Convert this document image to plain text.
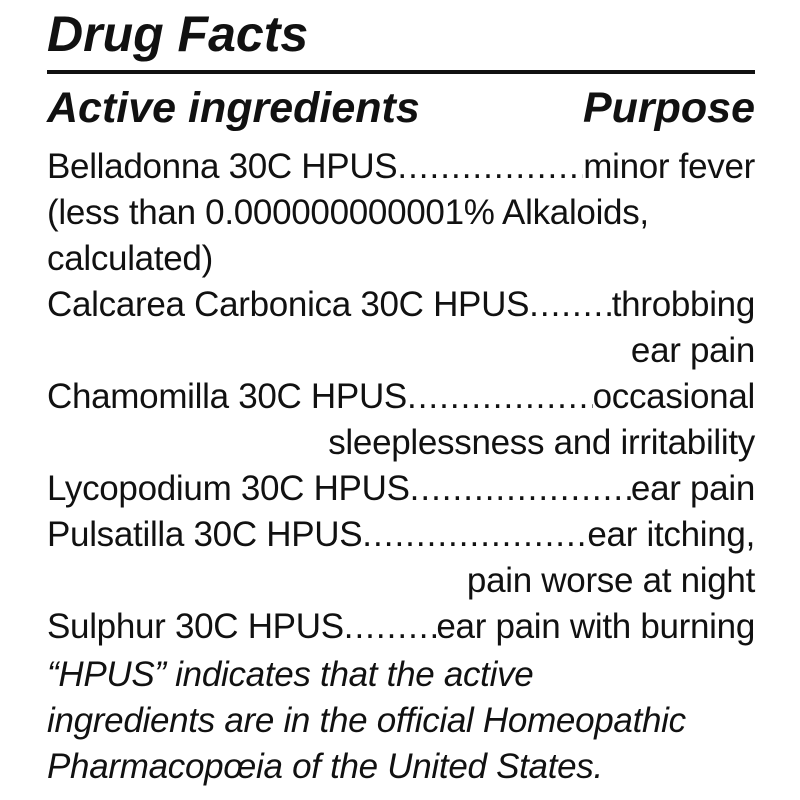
Drug Facts
Active ingredients	Purpose
Belladonna 30C HPUS .....	minor fever
(less than 0.000000000001% Alkaloids,
calculated)
Calcarea Carbonica 30C HPUS ..... throbbing
ear pain
Chamomilla 30C HPUS .....	occasional
sleeplessness and irritability
Lycopodium 30C HPUS .....	ear pain
Pulsatilla 30C HPUS .....	ear itching,
pain worse at night
Sulphur 30C HPUS .....	ear pain with burning
“HPUS” indicates that the active
ingredients are in the official Homeopathic
Pharmacopœia of the United States.
